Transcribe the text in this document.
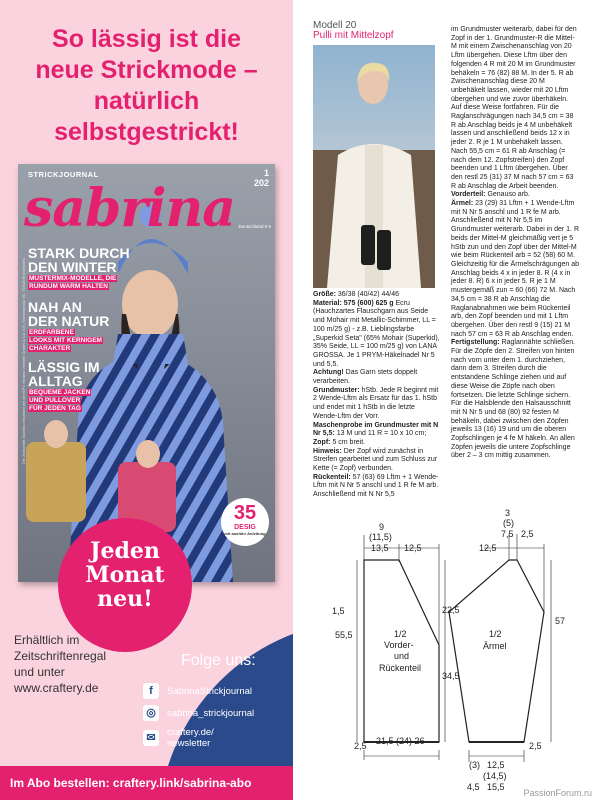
So lässig ist die
neue Strickmode –
natürlich
selbstgestrickt!
STRICKJOURNAL	1
202
sabrina Deutschland € 5
STARK DURCH
DEN WINTER
MUSTERMIX-MODELLE, DIE
RUNDUM WARM HALTEN
NAH AN
DER NATUR
ERDFARBENE
LOOKS MIT KERNIGEM
CHARAKTER
LÄSSIG IM
ALLTAG
BEQUEME JACKEN
UND PULLOVER
FÜR JEDEN TAG
Die Zeitschrift Sabrina erscheint bei der BPV Medien Vertrieb GmbH & Co. KG, Römerstraße 90, 79618 Rheinfelden.
35
DESIG
mit ausführ Anleitung
Jeden
Monat
neu!
Erhältlich im
Zeitschriftenregal
und unter
www.craftery.de
Folge uns:
f	SabrinaStrickjournal
◎	sabrina_strickjournal
✉	craftery.de/
newsletter
Im Abo bestellen: craftery.link/sabrina-abo
Modell 20
Pulli mit Mittelzopf

Größe: 36/38 (40/42) 44/46

Material: 575 (600) 625 g Ecru (Hauchzartes Flauschgarn aus Seide und Mohair mit Metallic-Schimmer, LL = 100 m/25 g) - z.B. Lieblingsfarbe „Superkid Seta" (65% Mohair (Superkid), 35% Seide, LL = 100 m/25 g) von LANA GROSSA. Je 1 PRYM-Häkelnadel Nr 5 und 5,5.

Achtung! Das Garn stets doppelt verarbeiten.

Grundmuster: hStb. Jede R beginnt mit 2 Wende-Lftm als Ersatz für das 1. hStb und endet mit 1 hStb in die letzte Wende-Lftm der Vorr.

Maschenprobe im Grundmuster mit N Nr 5,5: 13 M und 11 R = 10 x 10 cm;

Zopf: 5 cm breit.

Hinweis: Der Zopf wird zunächst in Streifen gearbeitet und zum Schluss zur Kette (= Zopf) verbunden.

Rückenteil: 57 (63) 69 Lftm + 1 Wende-Lftm mit N Nr 5 anschl und 1 R fe M arb. Anschließend mit N Nr 5,5

im Grundmuster weiterarb, dabei für den Zopf in der 1. Grundmuster-R die Mittel-M mit einem Zwischenanschlag von 20 Lftm übergehen. Diese Lftm über den folgenden 4 R mit 20 M im Grundmuster behäkeln = 76 (82) 88 M. In der 5. R ab Zwischenanschlag diese 20 M unbehäkelt lassen, wieder mit 20 Lftm übergehen und wie zuvor überhäkeln. Auf diese Weise fortfahren. Für die Raglanschrägungen nach 34,5 cm = 38 R ab Anschlag beids je 4 M unbehäkelt lassen und anschließend beids 12 x in jeder 2. R je 1 M unbehäkelt lassen. Nach 55,5 cm = 61 R ab Anschlag (= nach dem 12. Zopfstreifen) den Zopf beenden und 1 Lftm übergehen. Über den restl 25 (31) 37 M nach 57 cm = 63 R ab Anschlag die Arbeit beenden.

Vorderteil: Genauso arb.

Ärmel: 23 (29) 31 Lftm + 1 Wende-Lftm mit N Nr 5 anschl und 1 R fe M arb. Anschließend mit N Nr 5,5 im Grundmuster weiterarb. Dabei in der 1. R beids der Mittel-M gleichmäßig vert je 5 hStb zun und den Zopf über der Mittel-M wie beim Rückenteil arb = 52 (58) 60 M. Gleichzeitig für die Ärmelschrägungen ab Anschlag beids 4 x in jeder 8. R (4 x in jeder 8. R) 6 x in jeder 5. R je 1 M mustergemäß zun = 60 (66) 72 M. Nach 34,5 cm = 38 R ab Anschlag die Raglanabnahmen wie beim Rückenteil arb, den Zopf beenden und mit 1 Lftm übergehen. Über den restl 9 (15) 21 M nach 57 cm = 63 R ab Anschlag enden.

Fertigstellung: Raglannähte schließen. Für die Zöpfe den 2. Streifen von hinten nach vorn unter dem 1. durchziehen, dann dem 3. Streifen durch die entstandene Schlinge ziehen und auf diese Weise die Zöpfe nach oben fortsetzen. Die letzte Schlinge sichern. Für die Halsblende den Halsausschnitt mit N Nr 5 und 68 (80) 92 festen M behäkeln, dabei zwischen den Zöpfen jeweils 13 (16) 19 und um die oberen Zopfschlingen je 4 fe M häkeln. An allen Zöpfen jeweils die untere Zopfschlinge über 2 – 3 cm mittig zusammen.

9
(11,5)
13,5 12,5
1,5	22,5
55,5
34,5
2,5 21,5 (24) 26
1/2
Vorder-
und
Rückenteil
3
(5)
7,5 2,5
12,5
57
2,5
(3) 12,5
(14,5)
4,5 15,5
1/2
Ärmel
PassionForum.ru
